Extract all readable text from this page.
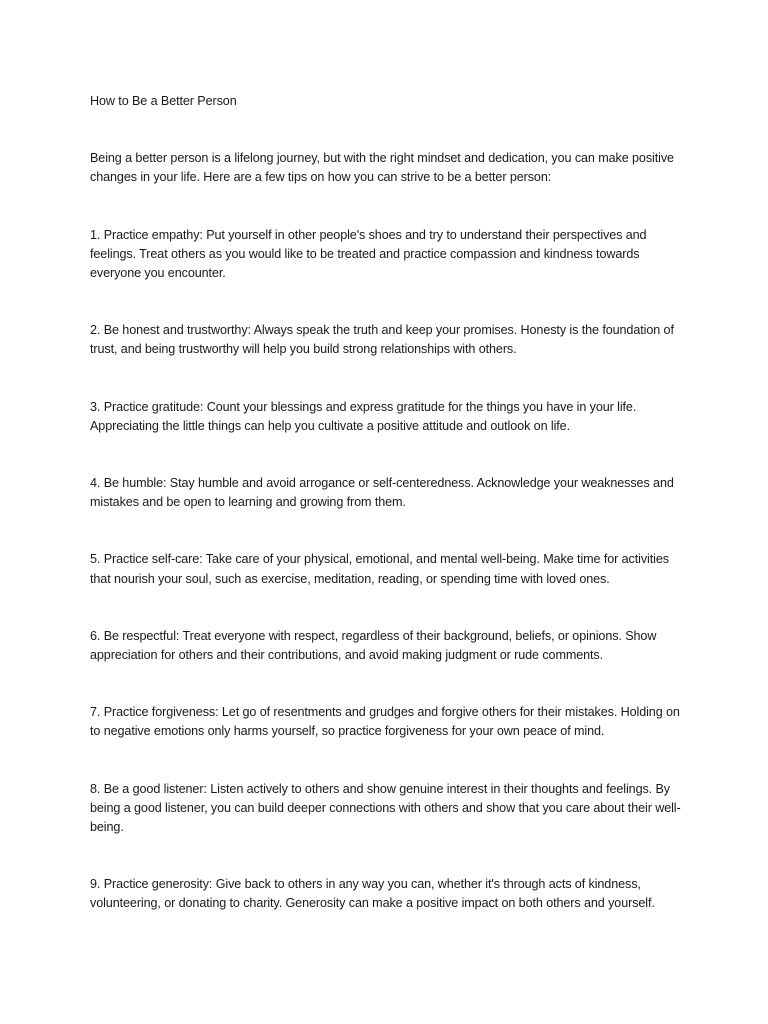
How to Be a Better Person

Being a better person is a lifelong journey, but with the right mindset and dedication, you can make positive changes in your life. Here are a few tips on how you can strive to be a better person:

1. Practice empathy: Put yourself in other people's shoes and try to understand their perspectives and feelings. Treat others as you would like to be treated and practice compassion and kindness towards everyone you encounter.
2. Be honest and trustworthy: Always speak the truth and keep your promises. Honesty is the foundation of trust, and being trustworthy will help you build strong relationships with others.
3. Practice gratitude: Count your blessings and express gratitude for the things you have in your life. Appreciating the little things can help you cultivate a positive attitude and outlook on life.
4. Be humble: Stay humble and avoid arrogance or self-centeredness. Acknowledge your weaknesses and mistakes and be open to learning and growing from them.
5. Practice self-care: Take care of your physical, emotional, and mental well-being. Make time for activities that nourish your soul, such as exercise, meditation, reading, or spending time with loved ones.
6. Be respectful: Treat everyone with respect, regardless of their background, beliefs, or opinions. Show appreciation for others and their contributions, and avoid making judgment or rude comments.
7. Practice forgiveness: Let go of resentments and grudges and forgive others for their mistakes. Holding on to negative emotions only harms yourself, so practice forgiveness for your own peace of mind.
8. Be a good listener: Listen actively to others and show genuine interest in their thoughts and feelings. By being a good listener, you can build deeper connections with others and show that you care about their well-being.
9. Practice generosity: Give back to others in any way you can, whether it's through acts of kindness, volunteering, or donating to charity. Generosity can make a positive impact on both others and yourself.
